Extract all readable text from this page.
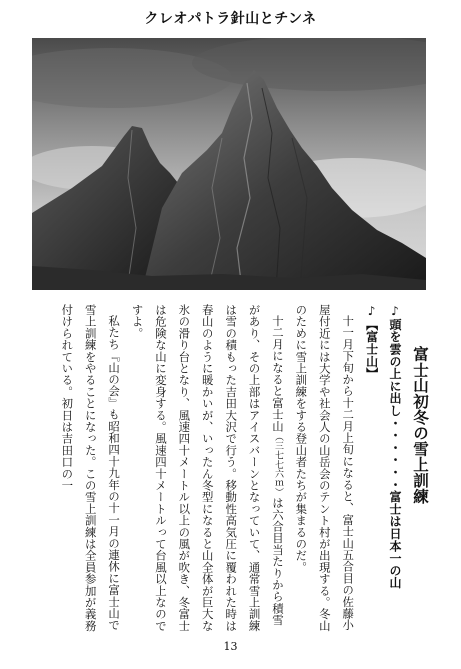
クレオパトラ針山とチンネ

富士山初冬の雪上訓練

♪頭を雲の上に出し・・・・・・富士は日本一の山

♪【富士山】

十一月下旬から十二月上旬になると、富士山五合目の佐藤小屋付近には大学や社会人の山岳会のテント村が出現する。冬山のために雪上訓練をする登山者たちが集まるのだ。

十二月になると富士山（三七七六ｍ）は六合目当たりから積雪があり、その上部はアイスバーンとなっていて、通常雪上訓練は雪の積もった吉田大沢で行う。移動性高気圧に覆われた時は春山のように暖かいが、いったん冬型になると山全体が巨大な氷の滑り台となり、風速四十メートル以上の風が吹き、冬富士は危険な山に変身する。風速四十メートルって台風以上なのですよ。

私たち『山の会』も昭和四十九年の十一月の連休に富士山で雪上訓練をやることになった。この雪上訓練は全員参加が義務付けられている。初日は吉田口の一

13
